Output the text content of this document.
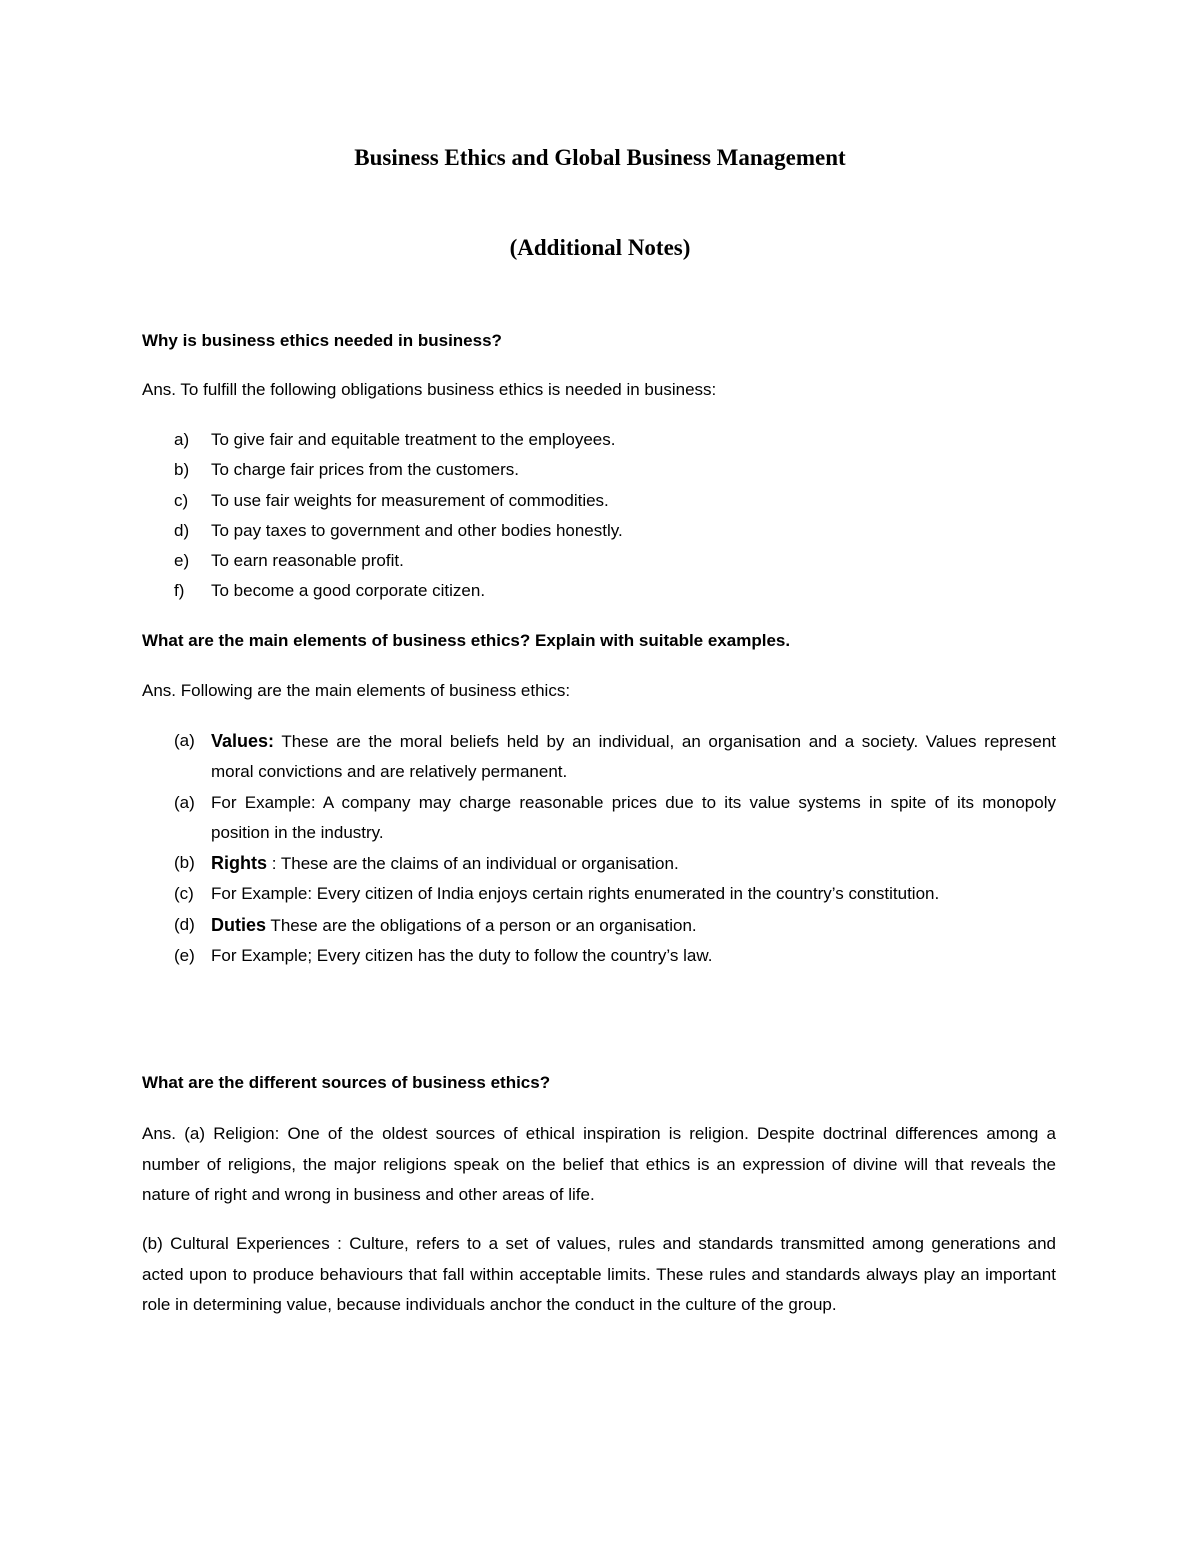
Business Ethics and Global Business Management
(Additional Notes)
Why is business ethics needed in business?

Ans. To fulfill the following obligations business ethics is needed in business:

a) To give fair and equitable treatment to the employees.
b) To charge fair prices from the customers.
c) To use fair weights for measurement of commodities.
d) To pay taxes to government and other bodies honestly.
e) To earn reasonable profit.
f) To become a good corporate citizen.
What are the main elements of business ethics? Explain with suitable examples.

Ans. Following are the main elements of business ethics:

(a) Values: These are the moral beliefs held by an individual, an organisation and a society. Values represent moral convictions and are relatively permanent.
(a) For Example: A company may charge reasonable prices due to its value systems in spite of its monopoly position in the industry.
(b) Rights : These are the claims of an individual or organisation.
(c) For Example: Every citizen of India enjoys certain rights enumerated in the country’s constitution.
(d) Duties These are the obligations of a person or an organisation.
(e) For Example; Every citizen has the duty to follow the country’s law.
What are the different sources of business ethics?

Ans. (a) Religion: One of the oldest sources of ethical inspiration is religion. Despite doctrinal differences among a number of religions, the major religions speak on the belief that ethics is an expression of divine will that reveals the nature of right and wrong in business and other areas of life.

(b) Cultural Experiences : Culture, refers to a set of values, rules and standards transmitted among generations and acted upon to produce behaviours that fall within acceptable limits. These rules and standards always play an important role in determining value, because individuals anchor the conduct in the culture of the group.
